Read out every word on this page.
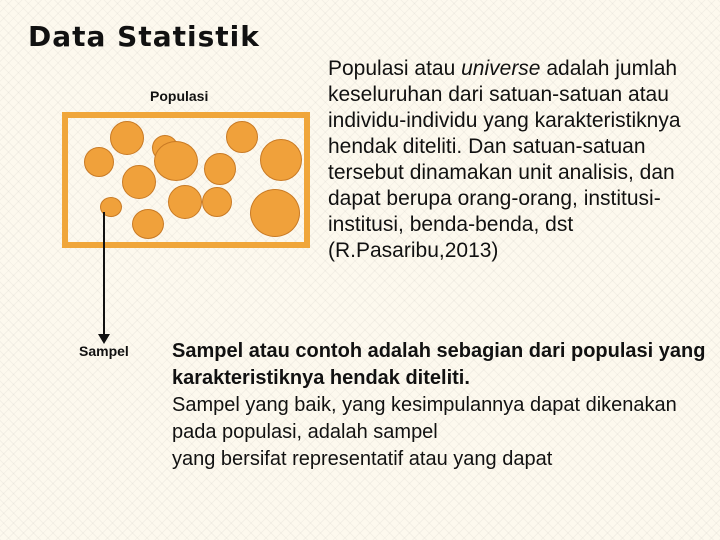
Data Statistik
Populasi
Sampel

Populasi atau universe adalah jumlah keseluruhan dari satuan-satuan atau individu-individu yang karakteristiknya hendak diteliti. Dan satuan-satuan tersebut dinamakan unit analisis, dan dapat berupa orang-orang, institusi-institusi, benda-benda, dst (R.Pasaribu,2013)

Sampel atau contoh adalah sebagian dari populasi yang karakteristiknya hendak diteliti.
Sampel yang baik, yang kesimpulannya dapat dikenakan pada populasi, adalah sampel
yang bersifat representatif atau yang dapat
